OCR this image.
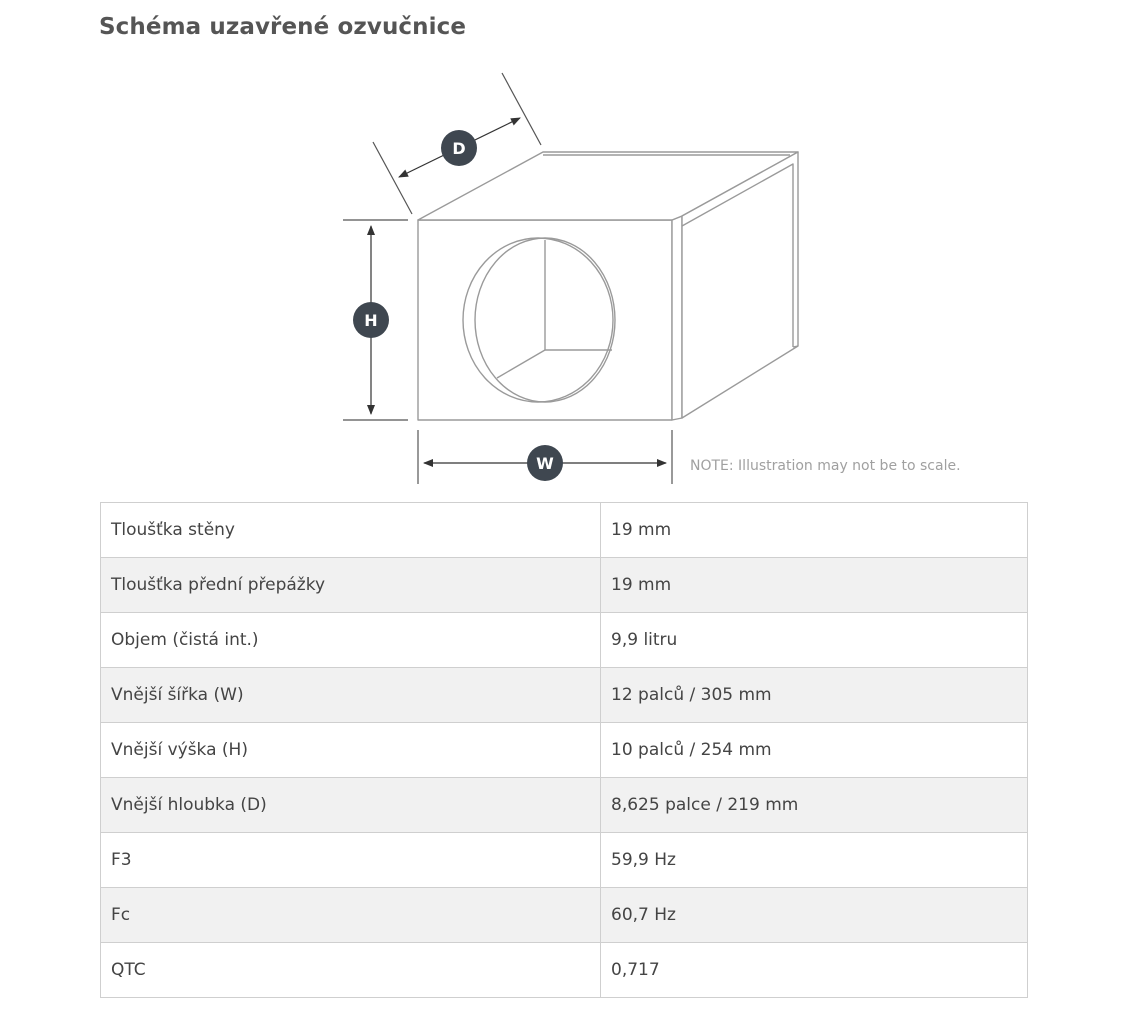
Schéma uzavřené ozvučnice
D
H
W	NOTE: Illustration may not be to scale.
Tloušťka stěny	19 mm
Tloušťka přední přepážky	19 mm
Objem (čistá int.)	9,9 litru
Vnější šířka (W)	12 palců / 305 mm
Vnější výška (H)	10 palců / 254 mm
Vnější hloubka (D)	8,625 palce / 219 mm
F3	59,9 Hz
Fc	60,7 Hz
QTC	0,717
